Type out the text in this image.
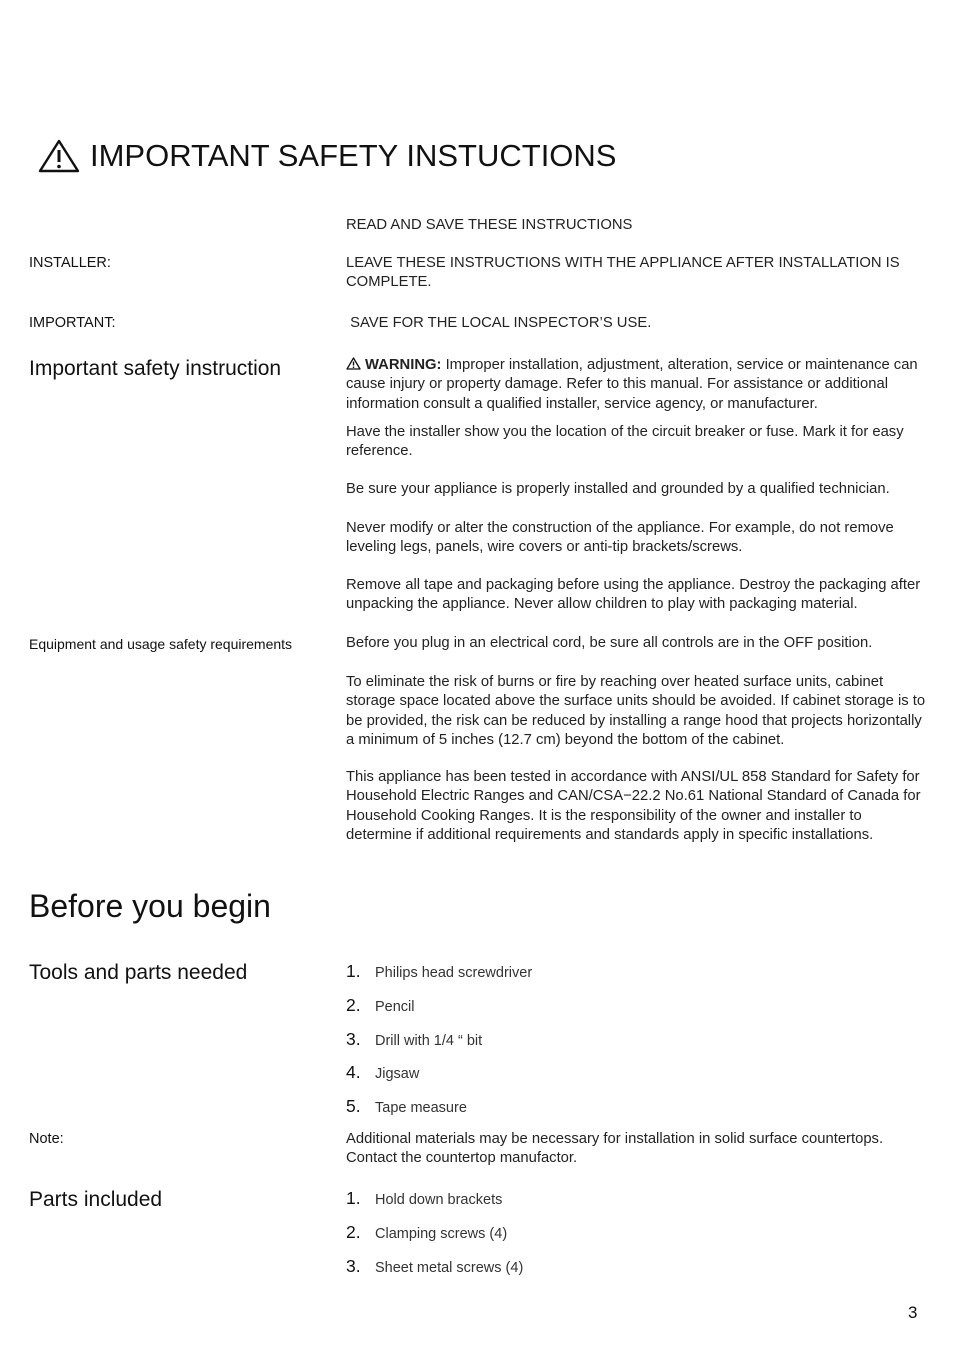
IMPORTANT SAFETY INSTUCTIONS
READ AND SAVE THESE INSTRUCTIONS
INSTALLER:	LEAVE THESE INSTRUCTIONS WITH THE APPLIANCE AFTER INSTALLATION IS COMPLETE.
IMPORTANT:	SAVE FOR THE LOCAL INSPECTOR’S USE.
Important safety instruction	WARNING: Improper installation, adjustment, alteration, service or maintenance can cause injury or property damage. Refer to this manual. For assistance or additional information consult a qualified installer, service agency, or manufacturer.
Have the installer show you the location of the circuit breaker or fuse. Mark it for easy reference.
Be sure your appliance is properly installed and grounded by a qualified technician.
Never modify or alter the construction of the appliance. For example, do not remove leveling legs, panels, wire covers or anti-tip brackets/screws.
Remove all tape and packaging before using the appliance. Destroy the packaging after unpacking the appliance. Never allow children to play with packaging material.
Equipment and usage safety requirements	Before you plug in an electrical cord, be sure all controls are in the OFF position.
To eliminate the risk of burns or fire by reaching over heated surface units, cabinet storage space located above the surface units should be avoided. If cabinet storage is to be provided, the risk can be reduced by installing a range hood that projects horizontally a minimum of 5 inches (12.7 cm) beyond the bottom of the cabinet.
This appliance has been tested in accordance with ANSI/UL 858 Standard for Safety for Household Electric Ranges and CAN/CSA−22.2 No.61 National Standard of Canada for Household Cooking Ranges. It is the responsibility of the owner and installer to determine if additional requirements and standards apply in specific installations.
Before you begin
Tools and parts needed	1. Philips head screwdriver
2. Pencil
3. Drill with 1/4 “ bit
4. Jigsaw
5. Tape measure
Note:	Additional materials may be necessary for installation in solid surface countertops. Contact the countertop manufactor.
Parts included	1. Hold down brackets
2. Clamping screws (4)
3. Sheet metal screws (4)
3
